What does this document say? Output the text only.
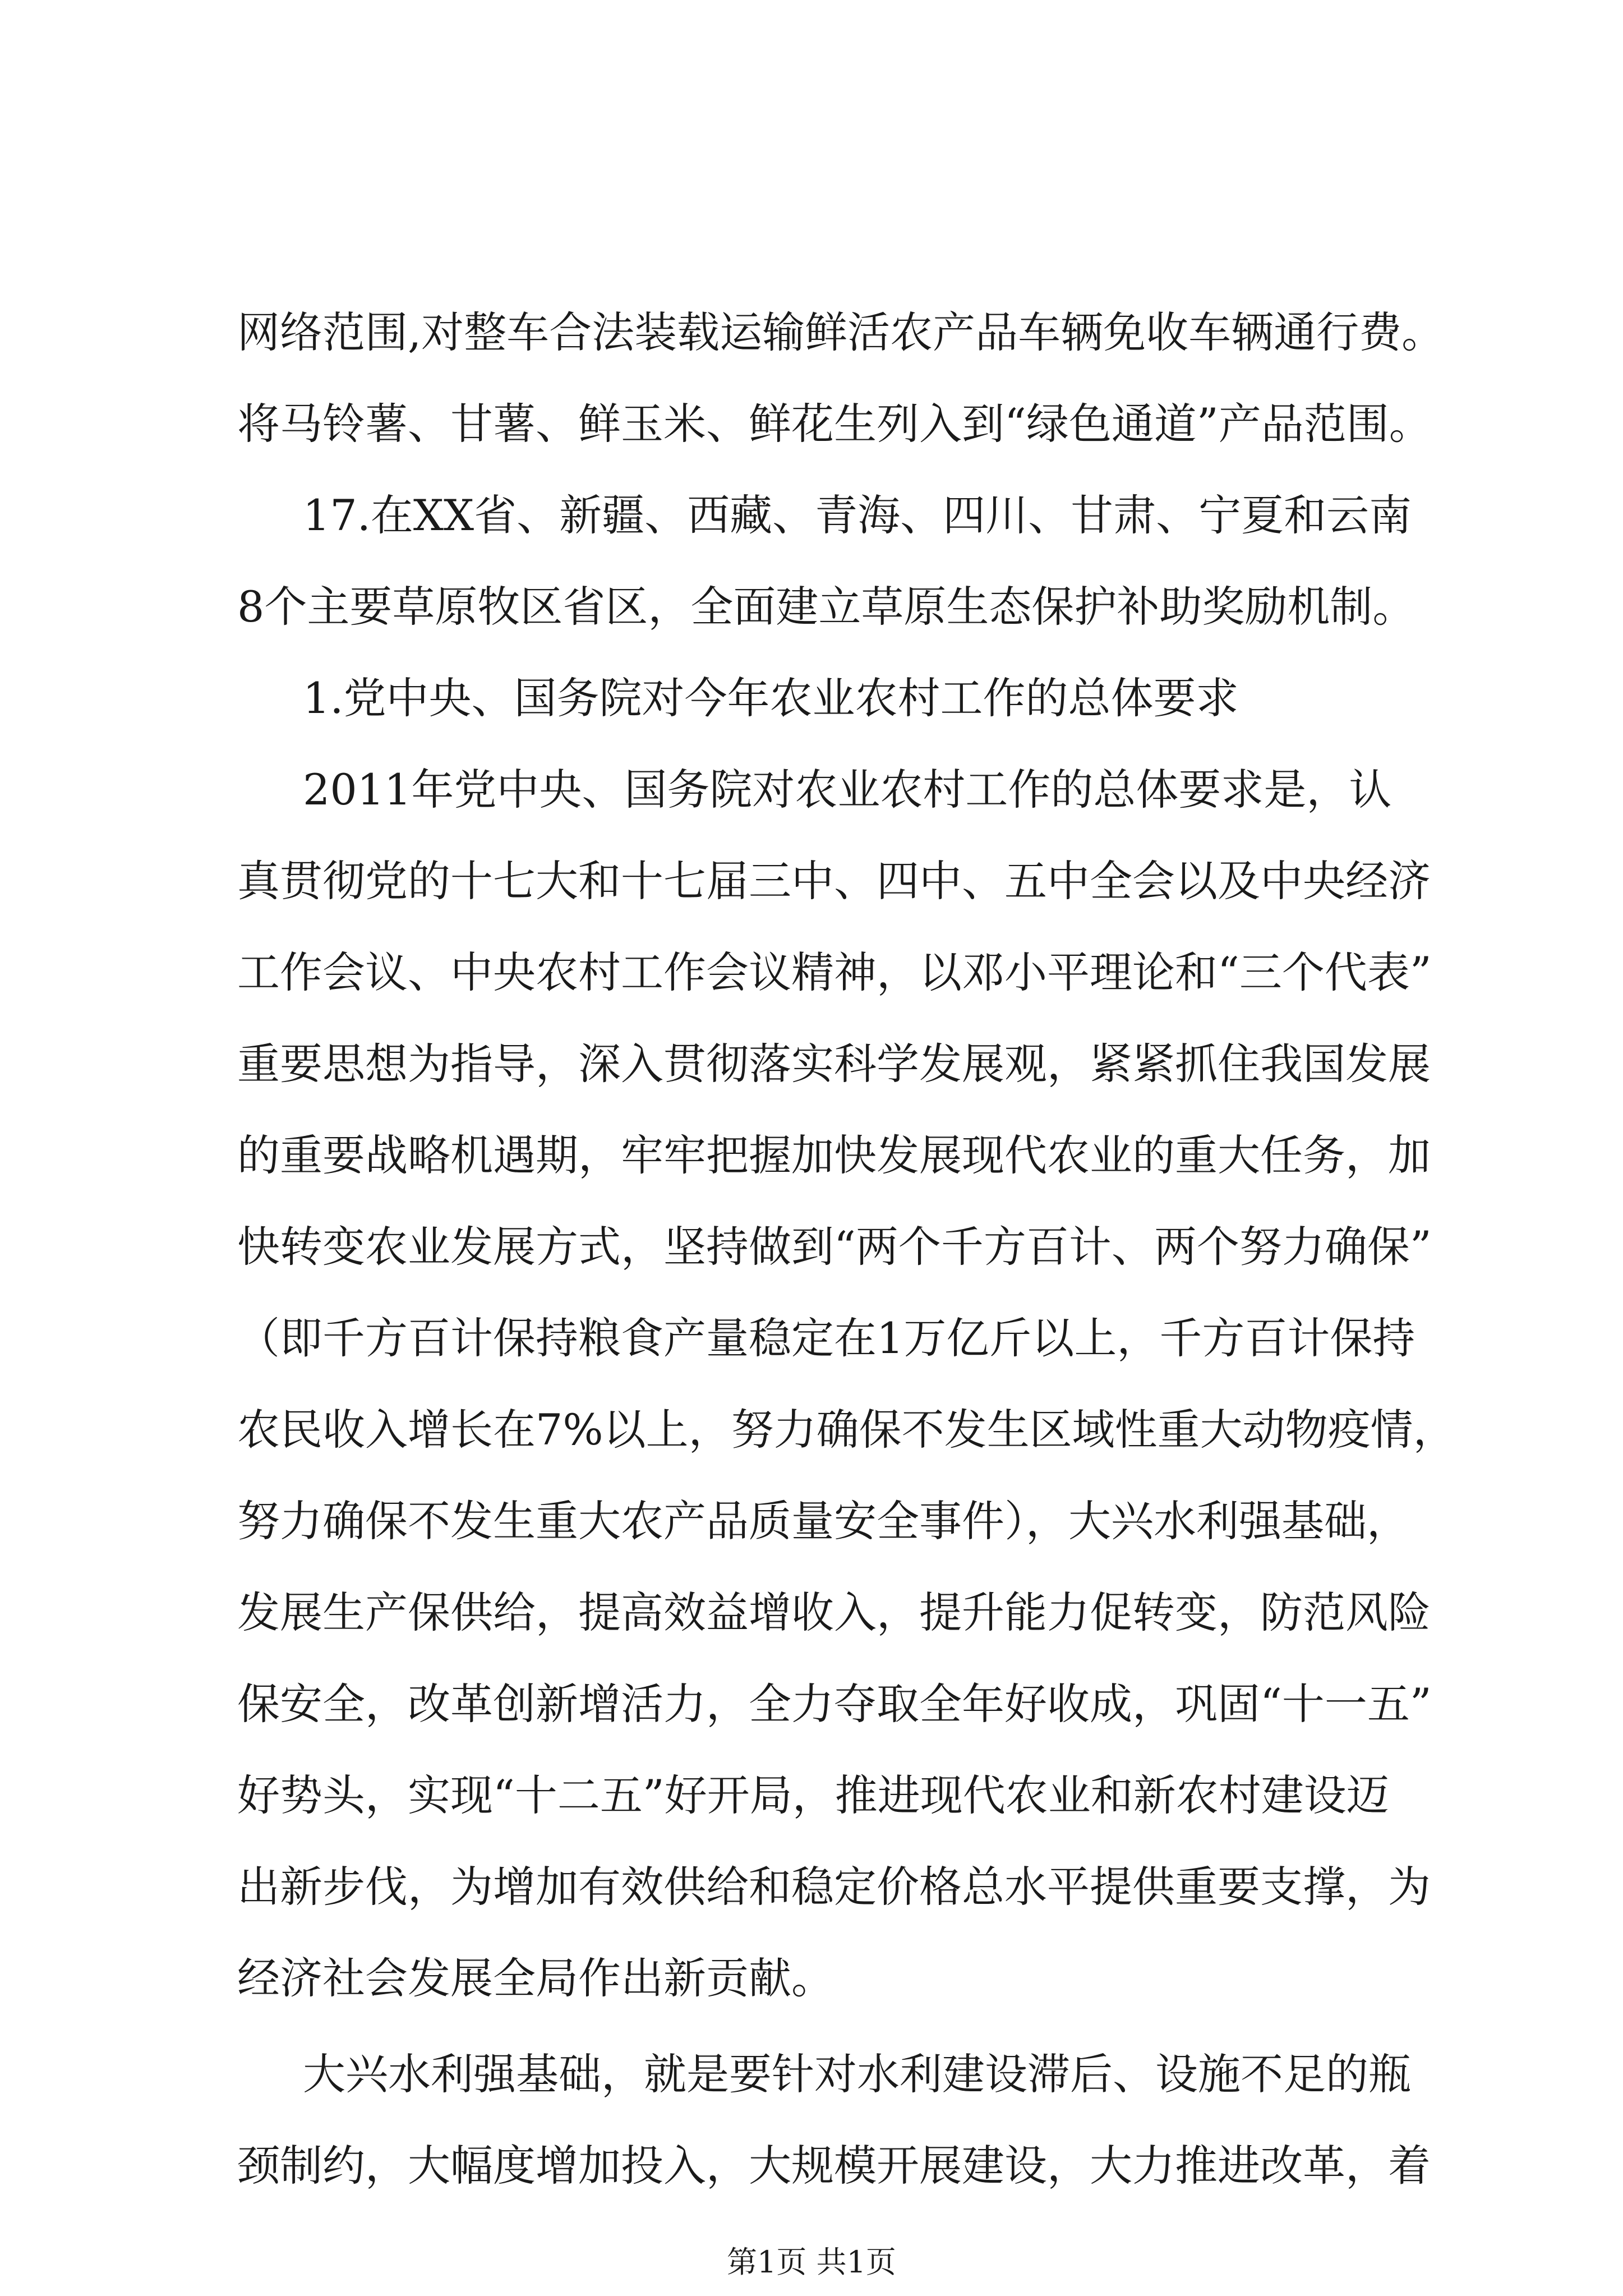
网络范围,对整车合法装载运输鲜活农产品车辆免收车辆通行费。
将马铃薯、甘薯、鲜玉米、鲜花生列入到“绿色通道”产品范围。
17.在XX省、新疆、西藏、青海、四川、甘肃、宁夏和云南
8个主要草原牧区省区，全面建立草原生态保护补助奖励机制。
1.党中央、国务院对今年农业农村工作的总体要求
2011年党中央、国务院对农业农村工作的总体要求是，认
真贯彻党的十七大和十七届三中、四中、五中全会以及中央经济
工作会议、中央农村工作会议精神，以邓小平理论和“三个代表”
重要思想为指导，深入贯彻落实科学发展观，紧紧抓住我国发展
的重要战略机遇期，牢牢把握加快发展现代农业的重大任务，加
快转变农业发展方式，坚持做到“两个千方百计、两个努力确保”
（即千方百计保持粮食产量稳定在1万亿斤以上，千方百计保持
农民收入增长在7%以上，努力确保不发生区域性重大动物疫情，
努力确保不发生重大农产品质量安全事件），大兴水利强基础，
发展生产保供给，提高效益增收入，提升能力促转变，防范风险
保安全，改革创新增活力，全力夺取全年好收成，巩固“十一五”
好势头，实现“十二五”好开局，推进现代农业和新农村建设迈
出新步伐，为增加有效供给和稳定价格总水平提供重要支撑，为
经济社会发展全局作出新贡献。
大兴水利强基础，就是要针对水利建设滞后、设施不足的瓶
颈制约，大幅度增加投入，大规模开展建设，大力推进改革，着
第1页 共1页
